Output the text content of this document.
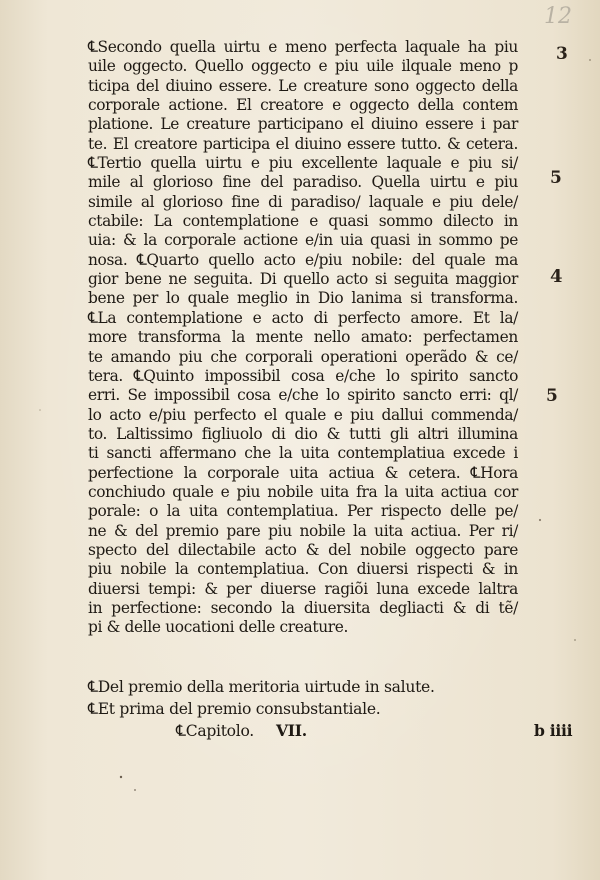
12
℄Secondo quella uirtu e meno perfecta laquale ha piu
uile oggecto. Quello oggecto e piu uile ilquale meno p
ticipa del diuino essere. Le creature sono oggecto della
corporale actione. El creatore e oggecto della contem
platione. Le creature participano el diuino essere i par
te. El creatore participa el diuino essere tutto. & cetera.
℄Tertio quella uirtu e piu excellente laquale e piu si/
mile al glorioso fine del paradiso. Quella uirtu e piu
simile al glorioso fine di paradiso/ laquale e piu dele/
ctabile: La contemplatione e quasi sommo dilecto in
uia: & la corporale actione e/in uia quasi in sommo pe
nosa. ℄Quarto quello acto e/piu nobile: del quale ma
gior bene ne seguita. Di quello acto si seguita maggior
bene per lo quale meglio in Dio lanima si transforma.
℄La contemplatione e acto di perfecto amore. Et la/
more transforma la mente nello amato: perfectamen
te amando piu che corporali operationi operãdo & ce/
tera. ℄Quinto impossibil cosa e/che lo spirito sancto
erri. Se impossibil cosa e/che lo spirito sancto erri: ql/
lo acto e/piu perfecto el quale e piu dallui commenda/
to. Laltissimo figliuolo di dio & tutti gli altri illumina
ti sancti affermano che la uita contemplatiua excede i
perfectione la corporale uita actiua & cetera. ℄Hora
conchiudo quale e piu nobile uita fra la uita actiua cor
porale: o la uita contemplatiua. Per rispecto delle pe/
ne & del premio pare piu nobile la uita actiua. Per ri/
specto del dilectabile acto & del nobile oggecto pare
piu nobile la contemplatiua. Con diuersi rispecti & in
diuersi tempi: & per diuerse ragiõi luna excede laltra
in perfectione: secondo la diuersita degliacti & di tẽ/
pi & delle uocationi delle creature.
℄Del premio della meritoria uirtude in salute.
℄Et prima del premio consubstantiale.
℄Capitolo. VII.	b iiii
3
5
4
5
